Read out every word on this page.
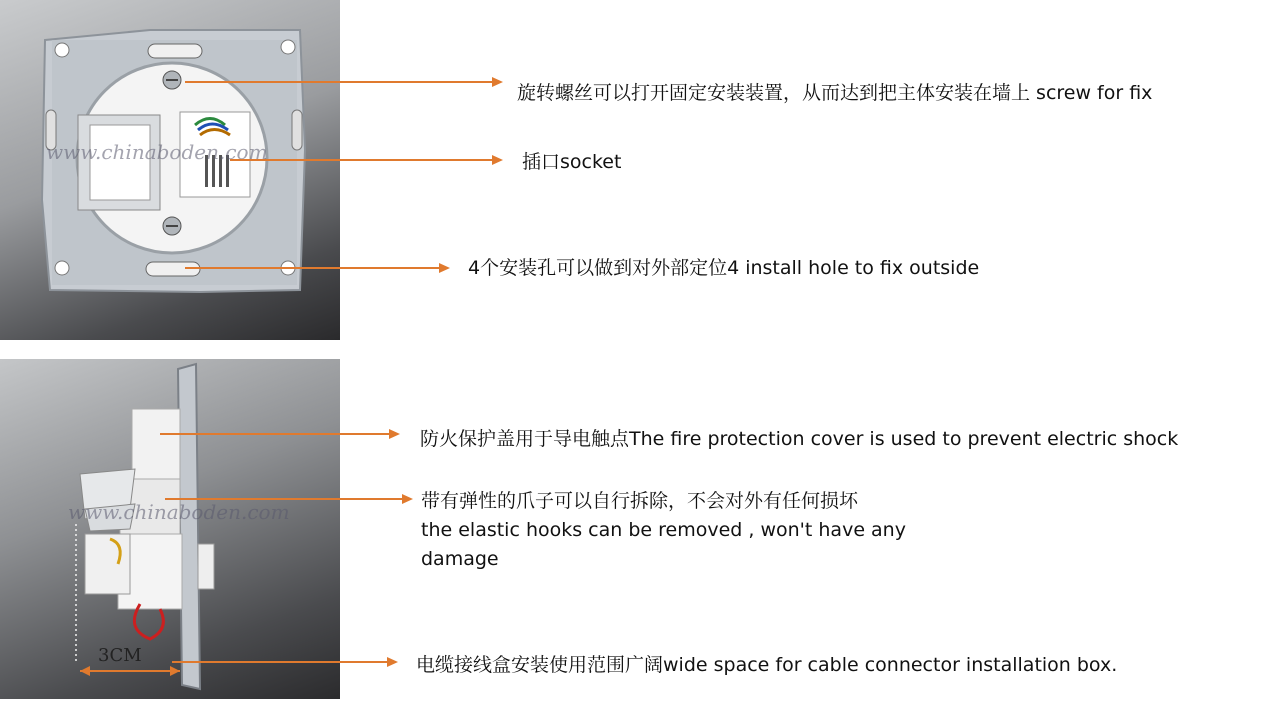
www.chinaboden.com
www.chinaboden.com
3CM
旋转螺丝可以打开固定安装装置，从而达到把主体安装在墙上 screw for fix
插口socket
4个安装孔可以做到对外部定位4 install hole to fix outside
防火保护盖用于导电触点The fire protection cover is used to prevent electric shock
带有弹性的爪子可以自行拆除，不会对外有任何损坏
the elastic hooks can be removed , won't have any damage
电缆接线盒安装使用范围广阔wide space for cable connector installation box.
